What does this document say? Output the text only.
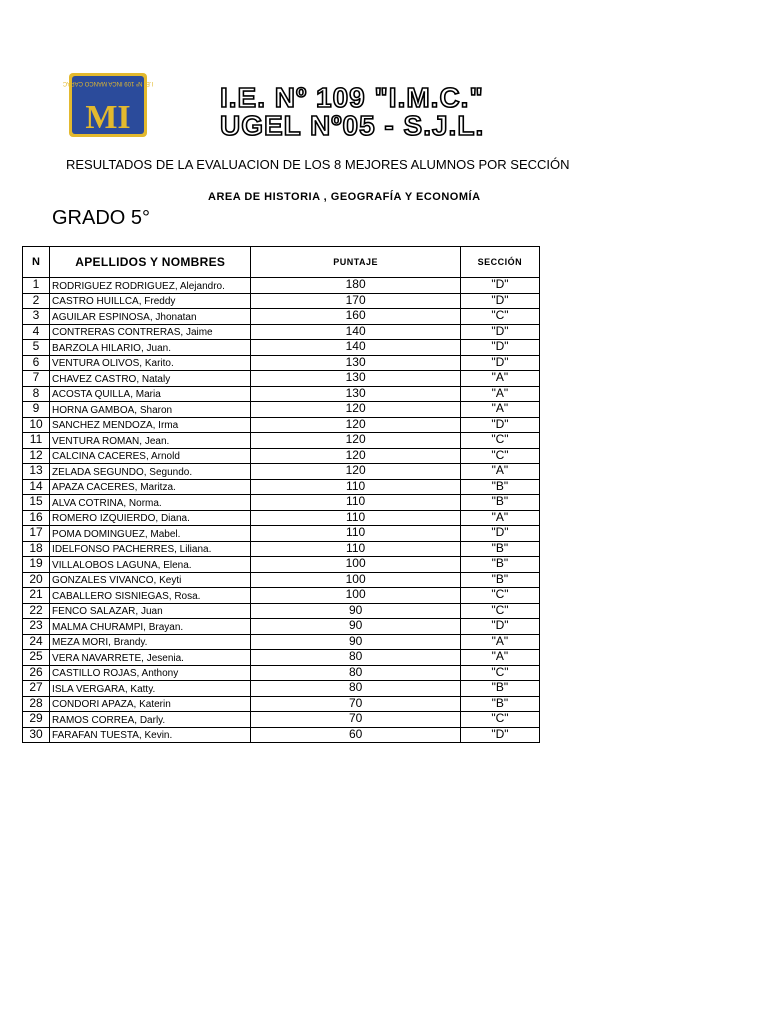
I.E. Nº 109 INCA MANCO CAPAC
MI
I.E. Nº 109 "I.M.C."
UGEL Nº05 - S.J.L.
RESULTADOS DE LA EVALUACION DE LOS 8 MEJORES ALUMNOS POR SECCIÓN
AREA DE HISTORIA , GEOGRAFÍA Y ECONOMÍA
GRADO 5°
N	APELLIDOS Y NOMBRES	PUNTAJE	SECCIÓN
1	RODRIGUEZ RODRIGUEZ, Alejandro.	180	"D"
2	CASTRO HUILLCA, Freddy	170	"D"
3	AGUILAR ESPINOSA, Jhonatan	160	"C"
4	CONTRERAS CONTRERAS, Jaime	140	"D"
5	BARZOLA HILARIO, Juan.	140	"D"
6	VENTURA OLIVOS, Karito.	130	"D"
7	CHAVEZ CASTRO, Nataly	130	"A"
8	ACOSTA QUILLA, Maria	130	"A"
9	HORNA GAMBOA, Sharon	120	"A"
10	SANCHEZ MENDOZA, Irma	120	"D"
11	VENTURA ROMAN, Jean.	120	"C"
12	CALCINA CACERES, Arnold	120	"C"
13	ZELADA SEGUNDO, Segundo.	120	"A"
14	APAZA CACERES, Maritza.	110	"B"
15	ALVA COTRINA, Norma.	110	"B"
16	ROMERO IZQUIERDO, Diana.	110	"A"
17	POMA DOMINGUEZ, Mabel.	110	"D"
18	IDELFONSO PACHERRES, Liliana.	110	"B"
19	VILLALOBOS LAGUNA, Elena.	100	"B"
20	GONZALES VIVANCO, Keyti	100	"B"
21	CABALLERO SISNIEGAS, Rosa.	100	"C"
22	FENCO SALAZAR, Juan	90	"C"
23	MALMA CHURAMPI, Brayan.	90	"D"
24	MEZA MORI, Brandy.	90	"A"
25	VERA NAVARRETE, Jesenia.	80	"A"
26	CASTILLO ROJAS, Anthony	80	"C"
27	ISLA VERGARA, Katty.	80	"B"
28	CONDORI APAZA, Katerin	70	"B"
29	RAMOS CORREA, Darly.	70	"C"
30	FARAFAN TUESTA, Kevin.	60	"D"
